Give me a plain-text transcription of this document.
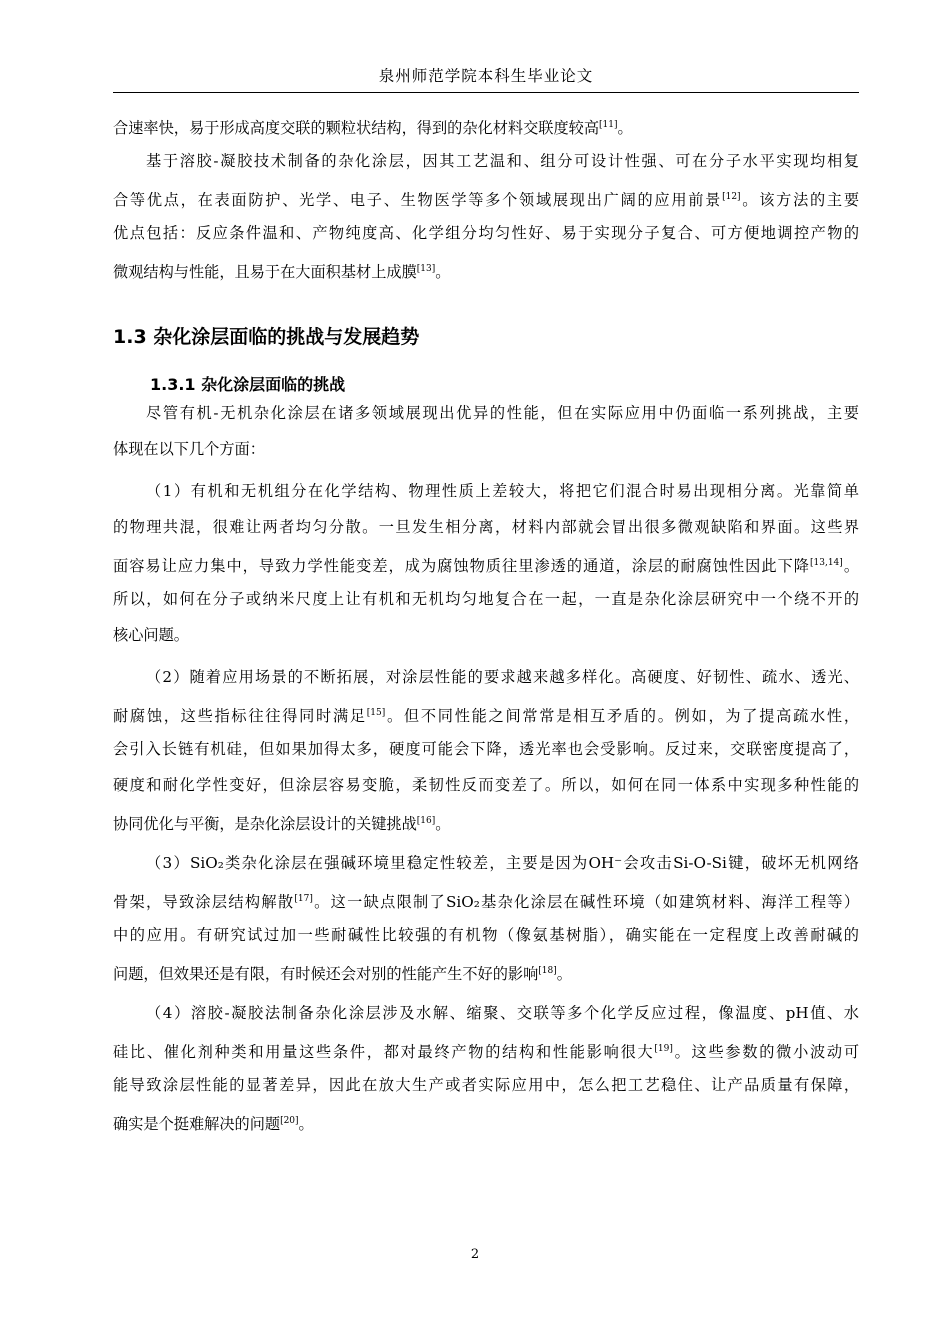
泉州师范学院本科生毕业论文
合速率快，易于形成高度交联的颗粒状结构，得到的杂化材料交联度较高[11]。
基于溶胶-凝胶技术制备的杂化涂层，因其工艺温和、组分可设计性强、可在分子水平实现均相复
合等优点，在表面防护、光学、电子、生物医学等多个领域展现出广阔的应用前景[12]。该方法的主要
优点包括：反应条件温和、产物纯度高、化学组分均匀性好、易于实现分子复合、可方便地调控产物的
微观结构与性能，且易于在大面积基材上成膜[13]。
尽管有机-无机杂化涂层在诸多领域展现出优异的性能，但在实际应用中仍面临一系列挑战，主要
体现在以下几个方面：
（1）有机和无机组分在化学结构、物理性质上差较大，将把它们混合时易出现相分离。光靠简单
的物理共混，很难让两者均匀分散。一旦发生相分离，材料内部就会冒出很多微观缺陷和界面。这些界
面容易让应力集中，导致力学性能变差，成为腐蚀物质往里渗透的通道，涂层的耐腐蚀性因此下降[13,14]。
所以，如何在分子或纳米尺度上让有机和无机均匀地复合在一起，一直是杂化涂层研究中一个绕不开的
核心问题。
（2）随着应用场景的不断拓展，对涂层性能的要求越来越多样化。高硬度、好韧性、疏水、透光、
耐腐蚀，这些指标往往得同时满足[15]。但不同性能之间常常是相互矛盾的。例如，为了提高疏水性，
会引入长链有机硅，但如果加得太多，硬度可能会下降，透光率也会受影响。反过来，交联密度提高了，
硬度和耐化学性变好，但涂层容易变脆，柔韧性反而变差了。所以，如何在同一体系中实现多种性能的
协同优化与平衡，是杂化涂层设计的关键挑战[16]。
（3）SiO₂类杂化涂层在强碱环境里稳定性较差，主要是因为OH⁻会攻击Si-O-Si键，破坏无机网络
骨架，导致涂层结构解散[17]。这一缺点限制了SiO₂基杂化涂层在碱性环境（如建筑材料、海洋工程等）
中的应用。有研究试过加一些耐碱性比较强的有机物（像氨基树脂），确实能在一定程度上改善耐碱的
问题，但效果还是有限，有时候还会对别的性能产生不好的影响[18]。
（4）溶胶-凝胶法制备杂化涂层涉及水解、缩聚、交联等多个化学反应过程，像温度、pH值、水
硅比、催化剂种类和用量这些条件，都对最终产物的结构和性能影响很大[19]。这些参数的微小波动可
能导致涂层性能的显著差异，因此在放大生产或者实际应用中，怎么把工艺稳住、让产品质量有保障，
确实是个挺难解决的问题[20]。
1.3 杂化涂层面临的挑战与发展趋势
1.3.1 杂化涂层面临的挑战
2
